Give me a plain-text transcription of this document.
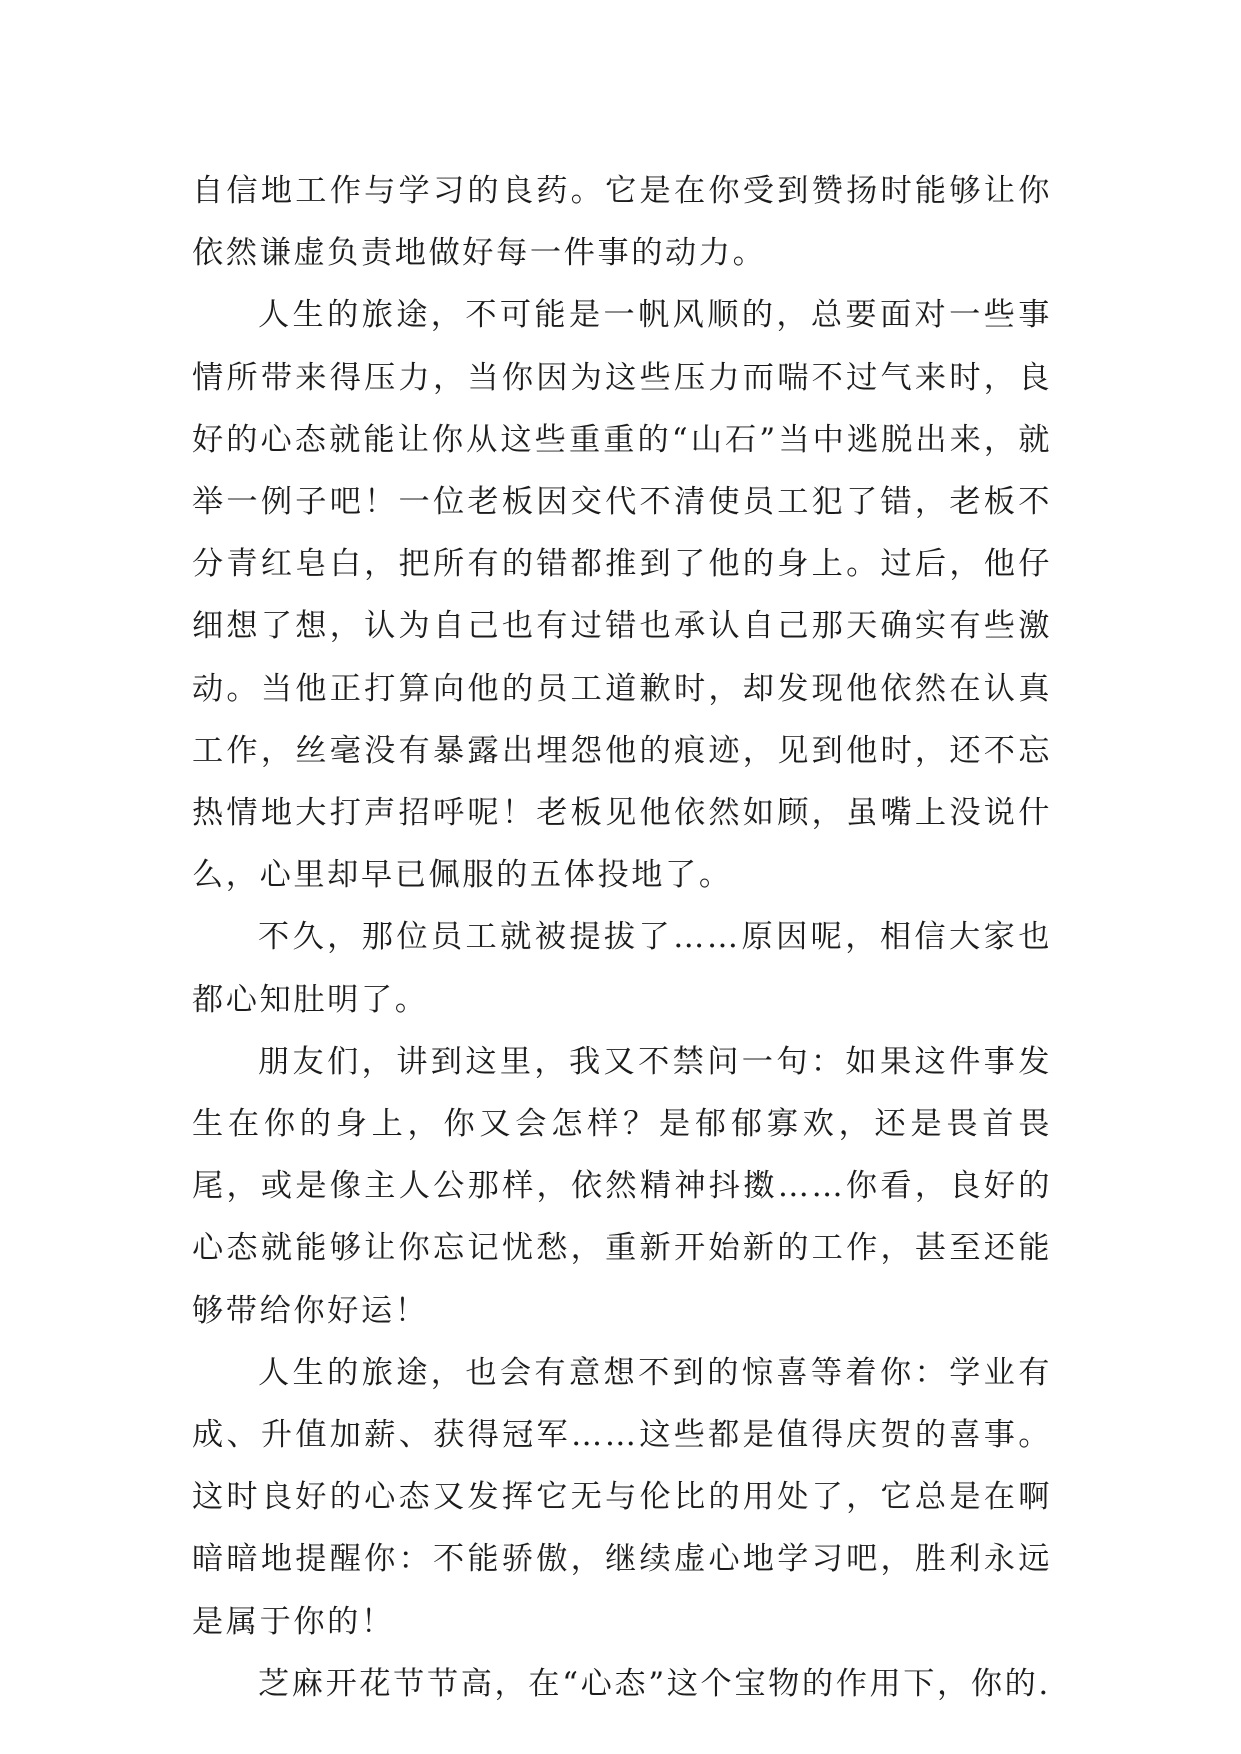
自信地工作与学习的良药。它是在你受到赞扬时能够让你依然谦虚负责地做好每一件事的动力。

人生的旅途，不可能是一帆风顺的，总要面对一些事情所带来得压力，当你因为这些压力而喘不过气来时，良好的心态就能让你从这些重重的“山石”当中逃脱出来，就举一例子吧！一位老板因交代不清使员工犯了错，老板不分青红皂白，把所有的错都推到了他的身上。过后，他仔细想了想，认为自己也有过错也承认自己那天确实有些激动。当他正打算向他的员工道歉时，却发现他依然在认真工作，丝毫没有暴露出埋怨他的痕迹，见到他时，还不忘热情地大打声招呼呢！老板见他依然如顾，虽嘴上没说什么，心里却早已佩服的五体投地了。

不久，那位员工就被提拔了……原因呢，相信大家也都心知肚明了。

朋友们，讲到这里，我又不禁问一句：如果这件事发生在你的身上，你又会怎样？是郁郁寡欢，还是畏首畏尾，或是像主人公那样，依然精神抖擞……你看，良好的心态就能够让你忘记忧愁，重新开始新的工作，甚至还能够带给你好运！

人生的旅途，也会有意想不到的惊喜等着你：学业有成、升值加薪、获得冠军……这些都是值得庆贺的喜事。这时良好的心态又发挥它无与伦比的用处了，它总是在啊暗暗地提醒你：不能骄傲，继续虚心地学习吧，胜利永远是属于你的！

芝麻开花节节高，在“心态”这个宝物的作用下，你的.
